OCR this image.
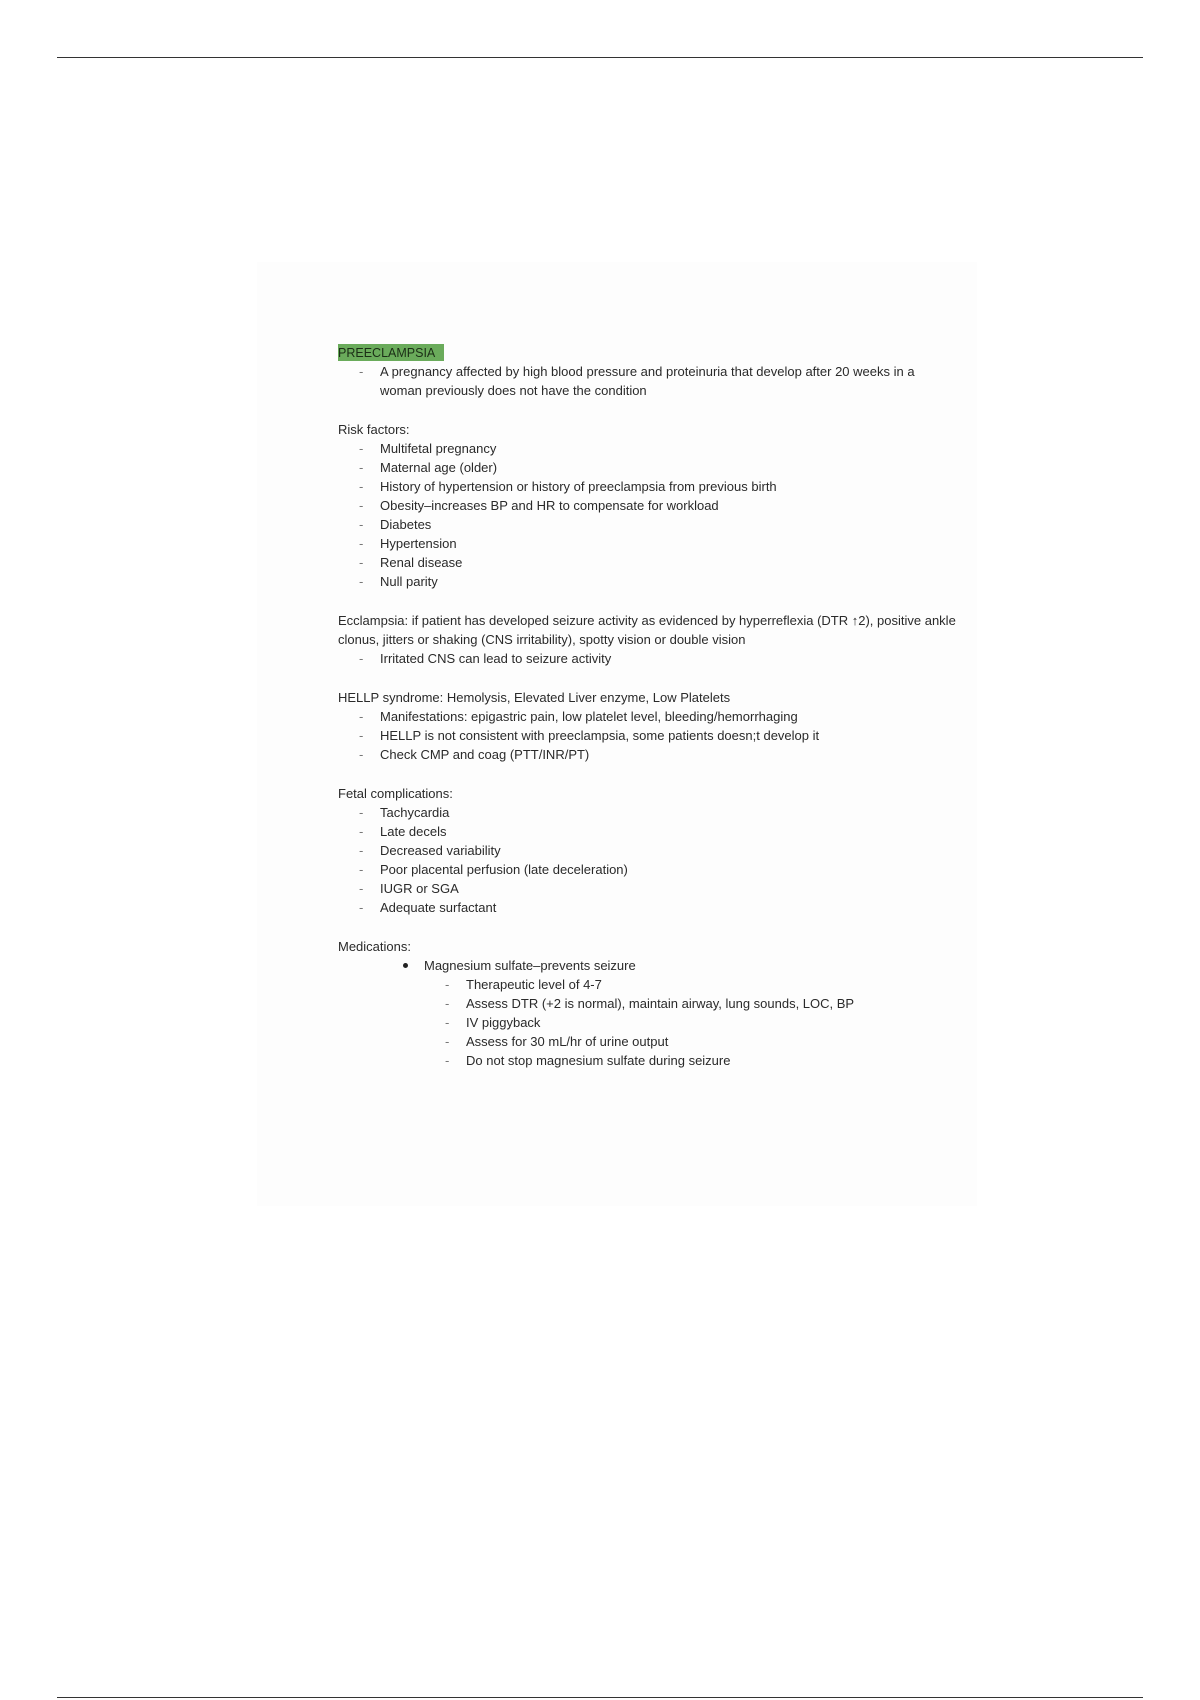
PREECLAMPSIA
- A pregnancy affected by high blood pressure and proteinuria that develop after 20 weeks in a woman previously does not have the condition

Risk factors:

- Multifetal pregnancy
- Maternal age (older)
- History of hypertension or history of preeclampsia from previous birth
- Obesity–increases BP and HR to compensate for workload
- Diabetes
- Hypertension
- Renal disease
- Null parity

Ecclampsia: if patient has developed seizure activity as evidenced by hyperreflexia (DTR ↑2), positive ankle clonus, jitters or shaking (CNS irritability), spotty vision or double vision

- Irritated CNS can lead to seizure activity

HELLP syndrome: Hemolysis, Elevated Liver enzyme, Low Platelets

- Manifestations: epigastric pain, low platelet level, bleeding/hemorrhaging
- HELLP is not consistent with preeclampsia, some patients doesn;t develop it
- Check CMP and coag (PTT/INR/PT)

Fetal complications:

- Tachycardia
- Late decels
- Decreased variability
- Poor placental perfusion (late deceleration)
- IUGR or SGA
- Adequate surfactant

Medications:

Magnesium sulfate–prevents seizure
- Therapeutic level of 4-7
- Assess DTR (+2 is normal), maintain airway, lung sounds, LOC, BP
- IV piggyback
- Assess for 30 mL/hr of urine output
- Do not stop magnesium sulfate during seizure
